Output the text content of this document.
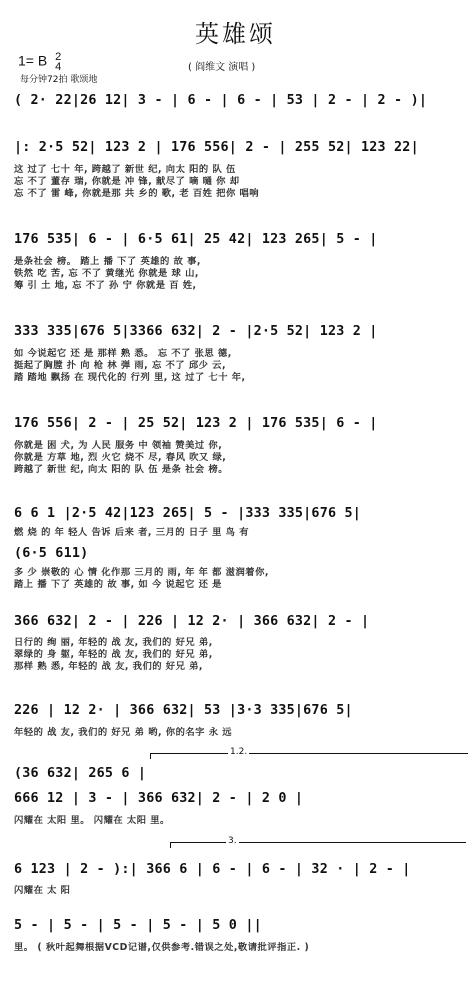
英雄颂
1= B 2
4	( 阎维文 演唱 )
每分钟72拍 歌颂地
( 2· 22|26 12| 3 - | 6 - | 6 - | 53 | 2 - | 2 - )|
|: 2·5 52| 123 2 | 176 556| 2 - | 255 52| 123 22|
这 过了 七十 年, 跨越了 新世 纪, 向太 阳的 队 伍
忘 不了 董存 瑞, 你就是 冲 锋, 献尽了 嘀 嗵 你 却
忘 不了 雷 峰, 你就是那 共 乡的 歌, 老 百姓 把你 唱响
176 535| 6 - | 6·5 61| 25 42| 123 265| 5 - |
是条社会 榜。 踏上 播 下了 英雄的 故 事,
铁然 吃 苦, 忘 不了 黄继光 你就是 球 山,
筹 引 土 地, 忘 不了 孙 宁 你就是 百 姓,
333 335|676 5|3366 632| 2 - |2·5 52| 123 2 |
如 今说起它 还 是 那样 熟 悉。 忘 不了 张思 德,
挺起了胸膛 扑 向 枪 林 弹 雨, 忘 不了 邱少 云,
踏 踏地 飘扬 在 现代化的 行列 里, 这 过了 七十 年,
176 556| 2 - | 25 52| 123 2 | 176 535| 6 - |
你就是 困 犬, 为 人民 服务 中 领袖 赞美过 你,
你就是 方草 地, 烈 火它 烧不 尽, 春风 吹又 绿,
跨越了 新世 纪, 向太 阳的 队 伍 是条 社会 榜。
6 6 1 |2·5 42|123 265| 5 - |333 335|676 5|
燃 烧 的 年 轻人 告诉 后来 者, 三月的 日子 里 鸟 有
(6·5 611)
多 少 崇敬的 心 情 化作那 三月的 雨, 年 年 都 滋润着你,
踏上 播 下了 英雄的 故 事, 如 今 说起它 还 是
366 632| 2 - | 226 | 12 2· | 366 632| 2 - |
日行的 绚 丽, 年轻的 战 友, 我们的 好兄 弟,
翠绿的 身 躯, 年轻的 战 友, 我们的 好兄 弟,
那样 熟 悉, 年轻的 战 友, 我们的 好兄 弟,
226 | 12 2· | 366 632| 53 |3·3 335|676 5|
年轻的 战 友, 我们的 好兄 弟 哟, 你的名字 永 远
(36 632| 265 6 |
666 12 | 3 - | 366 632| 2 - | 2 0 |
闪耀在 太阳 里。 闪耀在 太阳 里。
6 123 | 2 - ):| 366 6 | 6 - | 6 - | 32 · | 2 - |
闪耀在 太 阳
5 - | 5 - | 5 - | 5 - | 5 0 ||
里。 ( 秋叶起舞根据VCD记谱,仅供参考.错误之处,敬请批评指正. )
1.2.
3.
